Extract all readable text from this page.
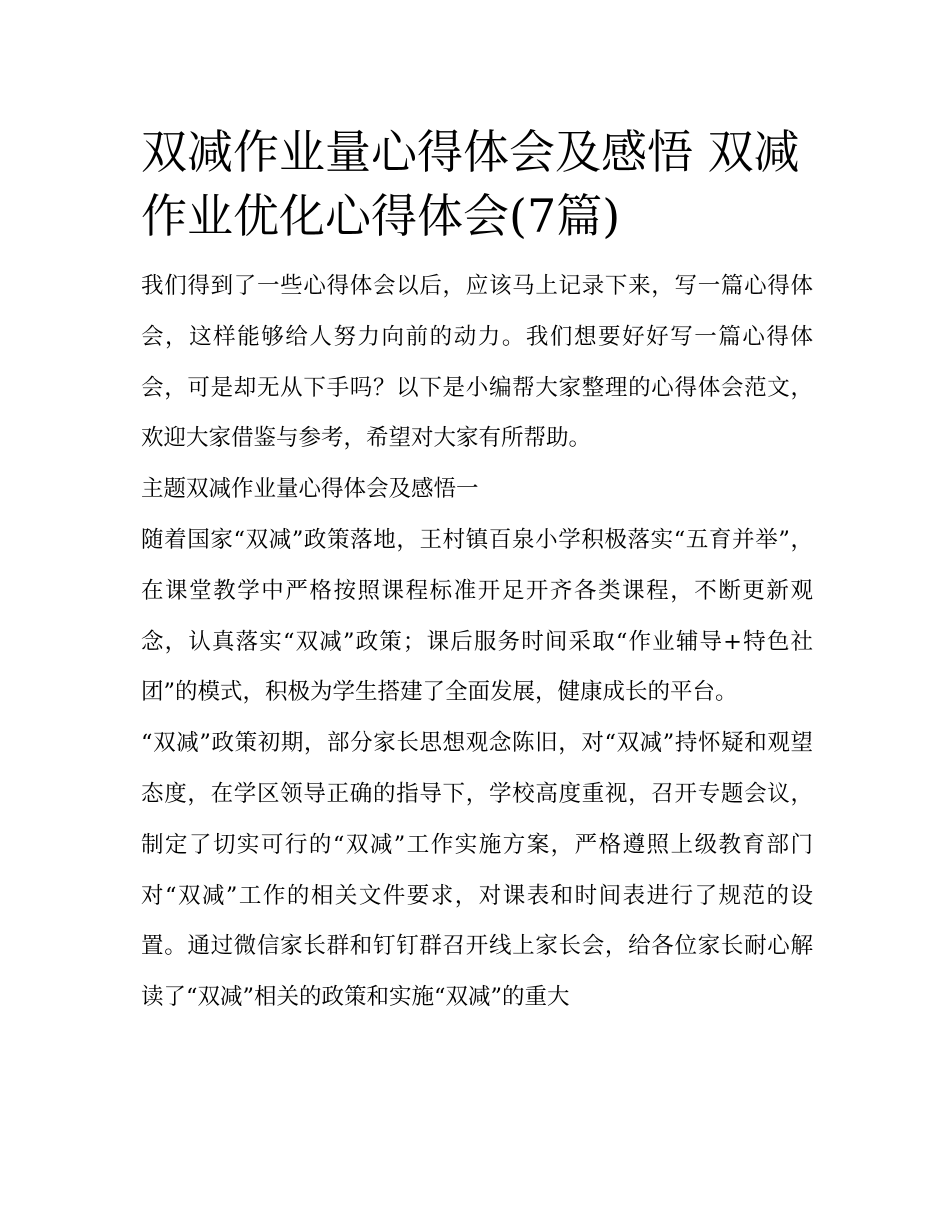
双减作业量心得体会及感悟 双减作业优化心得体会(7篇)

我们得到了一些心得体会以后，应该马上记录下来，写一篇心得体会，这样能够给人努力向前的动力。我们想要好好写一篇心得体会，可是却无从下手吗？以下是小编帮大家整理的心得体会范文，欢迎大家借鉴与参考，希望对大家有所帮助。

主题双减作业量心得体会及感悟一

随着国家“双减”政策落地，王村镇百泉小学积极落实“五育并举”，在课堂教学中严格按照课程标准开足开齐各类课程，不断更新观念，认真落实“双减”政策；课后服务时间采取“作业辅导+特色社团”的模式，积极为学生搭建了全面发展，健康成长的平台。

“双减”政策初期，部分家长思想观念陈旧，对“双减”持怀疑和观望态度，在学区领导正确的指导下，学校高度重视，召开专题会议，制定了切实可行的“双减”工作实施方案，严格遵照上级教育部门对“双减”工作的相关文件要求，对课表和时间表进行了规范的设置。通过微信家长群和钉钉群召开线上家长会，给各位家长耐心解读了“双减”相关的政策和实施“双减”的重大
